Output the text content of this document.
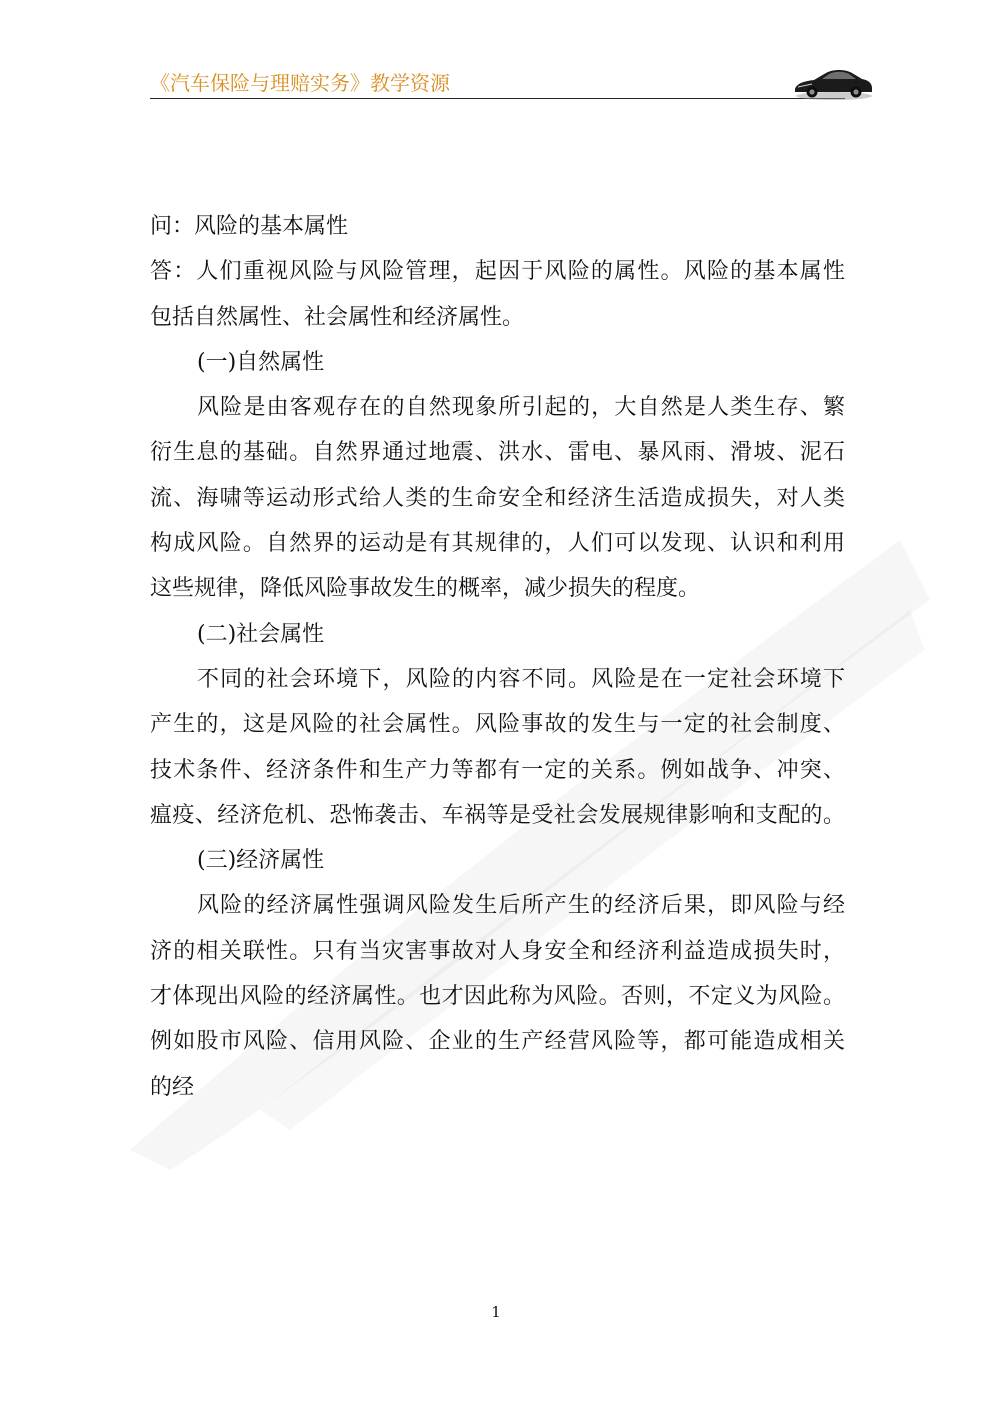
《汽车保险与理赔实务》教学资源
问：风险的基本属性
答：人们重视风险与风险管理，起因于风险的属性。风险的基本属性
包括自然属性、社会属性和经济属性。
(一)自然属性
风险是由客观存在的自然现象所引起的，大自然是人类生存、繁
衍生息的基础。自然界通过地震、洪水、雷电、暴风雨、滑坡、泥石
流、海啸等运动形式给人类的生命安全和经济生活造成损失，对人类
构成风险。自然界的运动是有其规律的，人们可以发现、认识和利用
这些规律，降低风险事故发生的概率，减少损失的程度。
(二)社会属性
不同的社会环境下，风险的内容不同。风险是在一定社会环境下
产生的，这是风险的社会属性。风险事故的发生与一定的社会制度、
技术条件、经济条件和生产力等都有一定的关系。例如战争、冲突、
瘟疫、经济危机、恐怖袭击、车祸等是受社会发展规律影响和支配的。
(三)经济属性
风险的经济属性强调风险发生后所产生的经济后果，即风险与经
济的相关联性。只有当灾害事故对人身安全和经济利益造成损失时，
才体现出风险的经济属性。也才因此称为风险。否则，不定义为风险。
例如股市风险、信用风险、企业的生产经营风险等，都可能造成相关
的经
1
